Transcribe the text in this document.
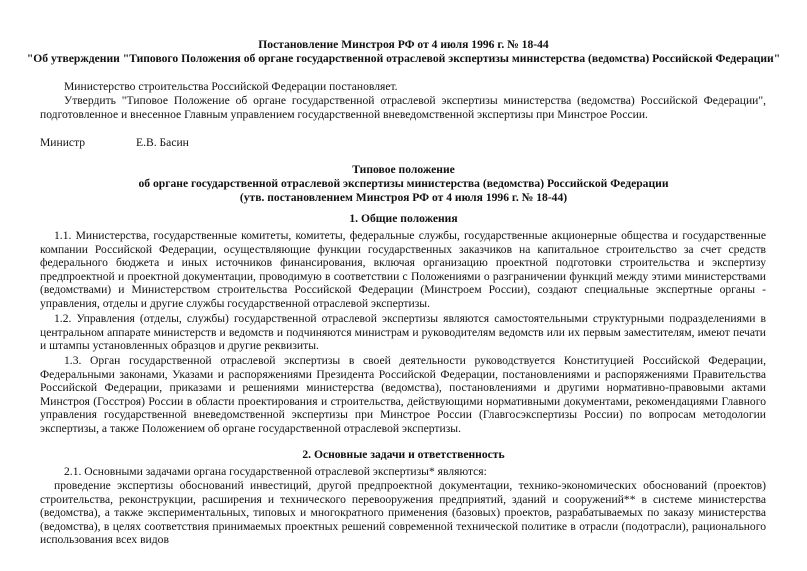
Постановление Минстроя РФ от 4 июля 1996 г. № 18-44
"Об утверждении "Типового Положения об органе государственной отраслевой экспертизы министерства (ведомства) Российской Федерации"
Министерство строительства Российской Федерации постановляет.
Утвердить "Типовое Положение об органе государственной отраслевой экспертизы министерства (ведомства) Российской Федерации", подготовленное и внесенное Главным управлением государственной вневедомственной экспертизы при Минстрое России.
Министр	Е.В. Басин
Типовое положение
об органе государственной отраслевой экспертизы министерства (ведомства) Российской Федерации
(утв. постановлением Минстроя РФ от 4 июля 1996 г. № 18-44)
1. Общие положения
1.1. Министерства, государственные комитеты, комитеты, федеральные службы, государственные акционерные общества и государственные компании Российской Федерации, осуществляющие функции государственных заказчиков на капитальное строительство за счет средств федерального бюджета и иных источников финансирования, включая организацию проектной подготовки строительства и экспертизу предпроектной и проектной документации, проводимую в соответствии с Положениями о разграничении функций между этими министерствами (ведомствами) и Министерством строительства Российской Федерации (Минстроем России), создают специальные экспертные органы - управления, отделы и другие службы государственной отраслевой экспертизы.
1.2. Управления (отделы, службы) государственной отраслевой экспертизы являются самостоятельными структурными подразделениями в центральном аппарате министерств и ведомств и подчиняются министрам и руководителям ведомств или их первым заместителям, имеют печати и штампы установленных образцов и другие реквизиты.
1.3. Орган государственной отраслевой экспертизы в своей деятельности руководствуется Конституцией Российской Федерации, Федеральными законами, Указами и распоряжениями Президента Российской Федерации, постановлениями и распоряжениями Правительства Российской Федерации, приказами и решениями министерства (ведомства), постановлениями и другими нормативно-правовыми актами Минстроя (Госстроя) России в области проектирования и строительства, действующими нормативными документами, рекомендациями Главного управления государственной вневедомственной экспертизы при Минстрое России (Главгосэкспертизы России) по вопросам методологии экспертизы, а также Положением об органе государственной отраслевой экспертизы.
2. Основные задачи и ответственность
2.1. Основными задачами органа государственной отраслевой экспертизы* являются:
проведение экспертизы обоснований инвестиций, другой предпроектной документации, технико-экономических обоснований (проектов) строительства, реконструкции, расширения и технического перевооружения предприятий, зданий и сооружений** в системе министерства (ведомства), а также экспериментальных, типовых и многократного применения (базовых) проектов, разрабатываемых по заказу министерства (ведомства), в целях соответствия принимаемых проектных решений современной технической политике в отрасли (подотрасли), рационального использования всех видов
